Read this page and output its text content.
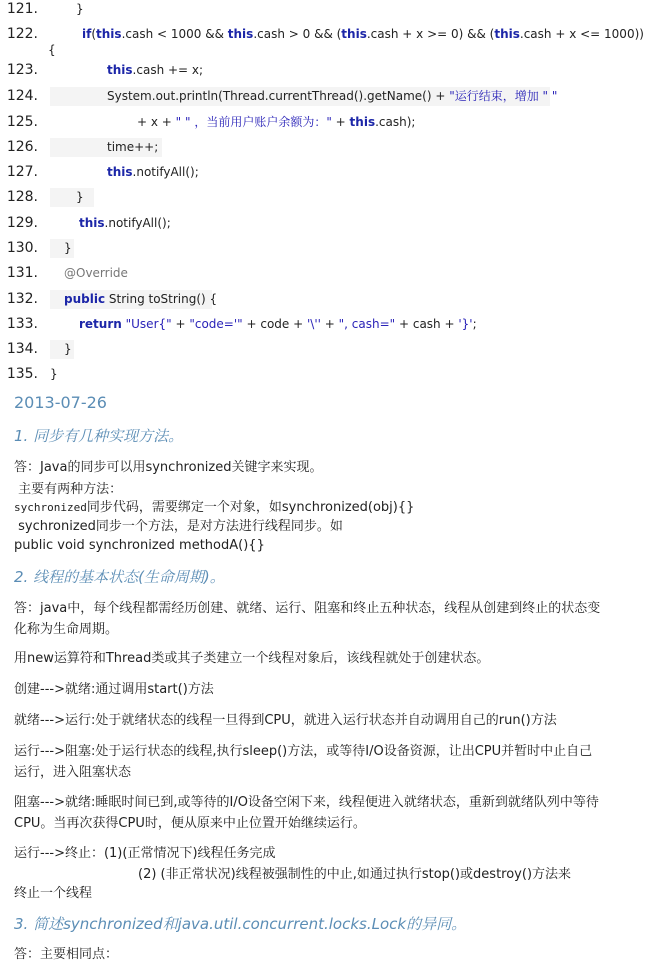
121.	}
122.	if(this.cash < 1000 && this.cash > 0 && (this.cash + x >= 0) && (this.cash + x <= 1000))
123.	this.cash += x;
124.	System.out.println(Thread.currentThread().getName() + "运行结束，增加 " "
125.	+ x + " " ，当前用户账户余额为：" + this.cash);
126.	time++;
127.	this.notifyAll();
128.	}
129.	this.notifyAll();
130. }
131. @Override
132. public String toString() {
133.	return "User{" + "code='" + code + '\'' + ", cash=" + cash + '}';
134. }
135. }
{
2013-07-26
1. 同步有几种实现方法。
答：Java的同步可以用synchronized关键字来实现。
主要有两种方法：
sychronized同步代码，需要绑定一个对象，如synchronized(obj){}
sychronized同步一个方法，是对方法进行线程同步。如
public void synchronized methodA(){}
2. 线程的基本状态(生命周期)。
答：java中，每个线程都需经历创建、就绪、运行、阻塞和终止五种状态，线程从创建到终止的状态变化称为生命周期。
用new运算符和Thread类或其子类建立一个线程对象后，该线程就处于创建状态。
创建--->就绪:通过调用start()方法
就绪--->运行:处于就绪状态的线程一旦得到CPU，就进入运行状态并自动调用自己的run()方法
运行--->阻塞:处于运行状态的线程,执行sleep()方法，或等待I/O设备资源，让出CPU并暂时中止自己运行，进入阻塞状态
阻塞--->就绪:睡眠时间已到,或等待的I/O设备空闲下来，线程便进入就绪状态，重新到就绪队列中等待CPU。当再次获得CPU时，便从原来中止位置开始继续运行。
运行--->终止：(1)(正常情况下)线程任务完成
(2) (非正常状况)线程被强制性的中止,如通过执行stop()或destroy()方法来
终止一个线程
3. 简述synchronized和java.util.concurrent.locks.Lock的异同。
答：主要相同点：
